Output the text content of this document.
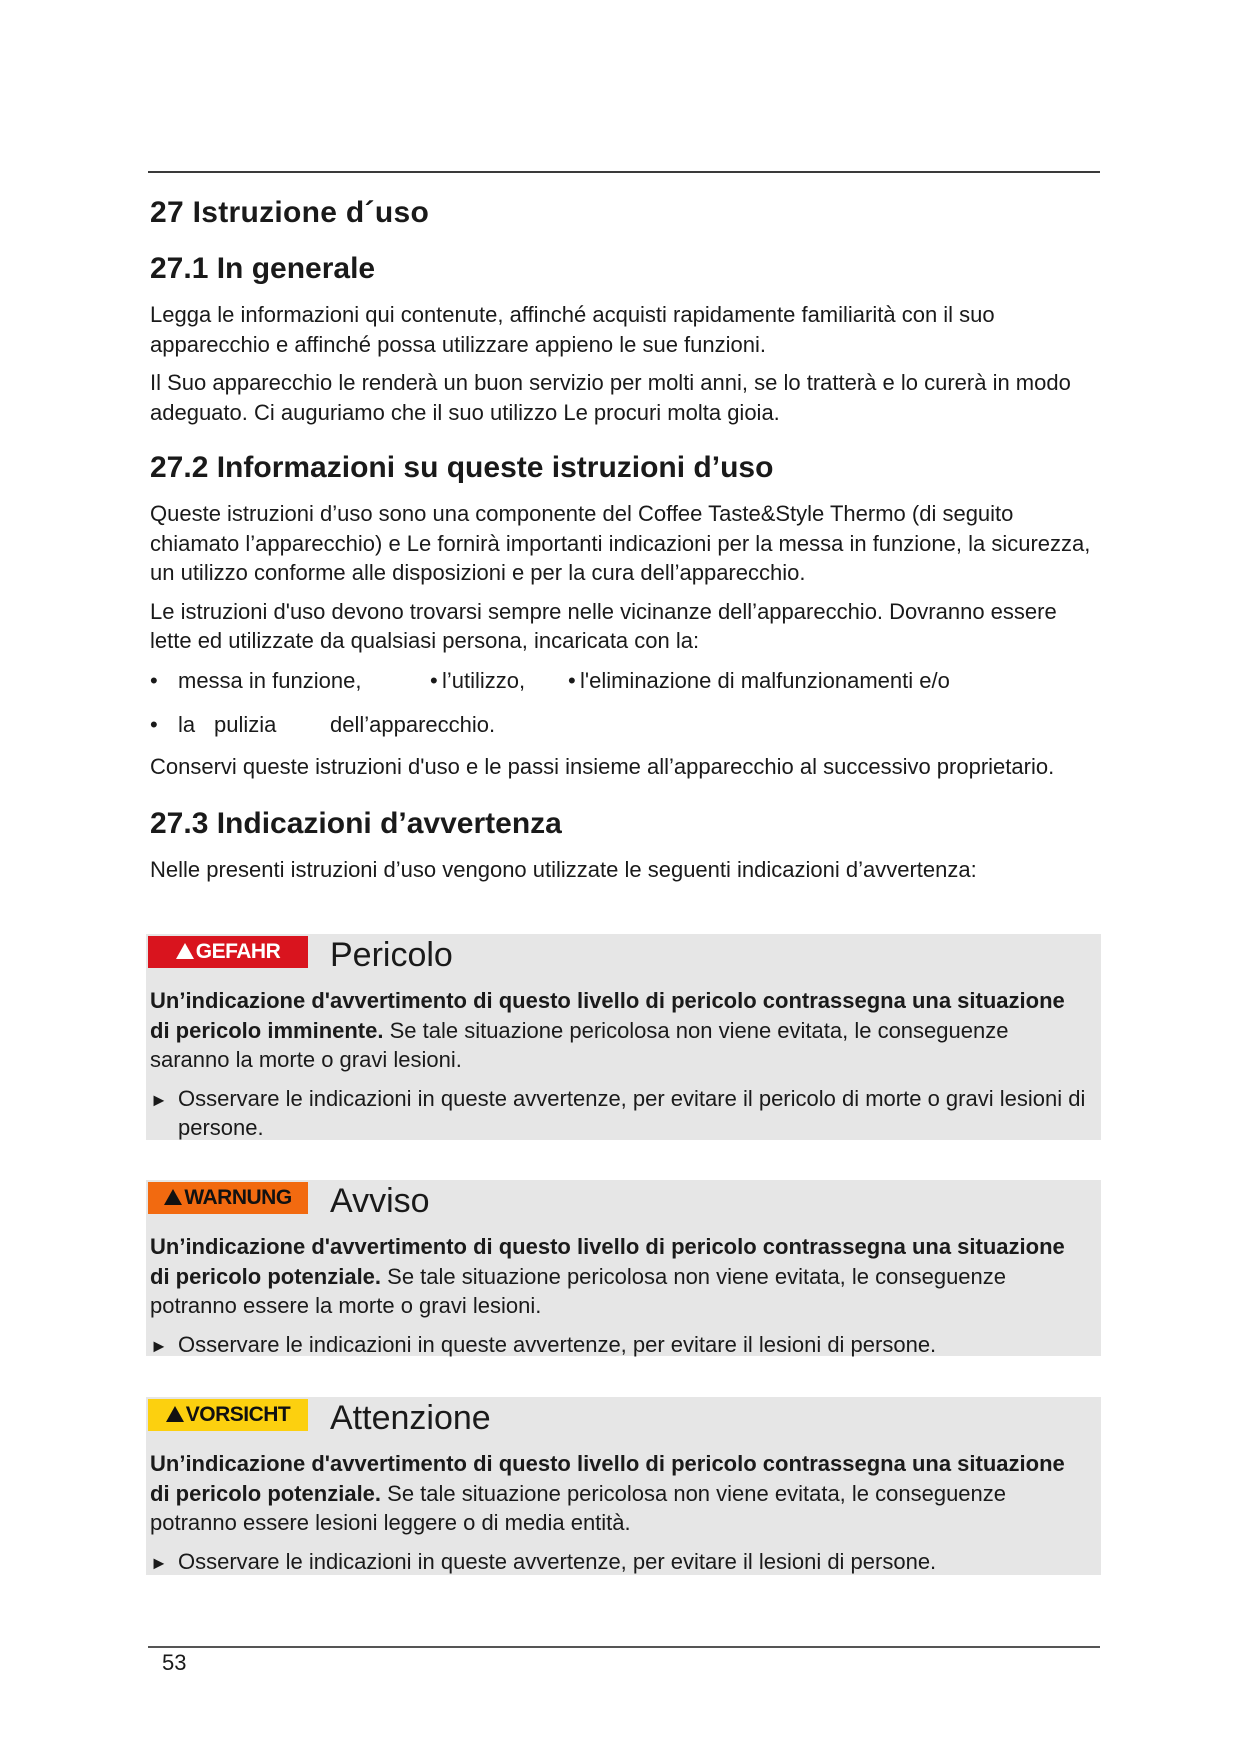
27 Istruzione d´uso
27.1 In generale

Legga le informazioni qui contenute, affinché acquisti rapidamente familiarità con il suo apparecchio e affinché possa utilizzare appieno le sue funzioni.

Il Suo apparecchio le renderà un buon servizio per molti anni, se lo tratterà e lo curerà in modo adeguato. Ci auguriamo che il suo utilizzo Le procuri molta gioia.

27.2 Informazioni su queste istruzioni d’uso

Queste istruzioni d’uso sono una componente del Coffee Taste&Style Thermo (di seguito chiamato l’apparecchio) e Le fornirà importanti indicazioni per la messa in funzione, la sicurezza, un utilizzo conforme alle disposizioni e per la cura dell’apparecchio.

Le istruzioni d'uso devono trovarsi sempre nelle vicinanze dell’apparecchio. Dovranno essere lette ed utilizzate da qualsiasi persona, incaricata con la:

• messa in funzione,	• l’utilizzo, • l'eliminazione di malfunzionamenti e/o
• la pulizia dell’apparecchio.

Conservi queste istruzioni d'uso e le passi insieme all’apparecchio al successivo proprietario.

27.3 Indicazioni d’avvertenza

Nelle presenti istruzioni d’uso vengono utilizzate le seguenti indicazioni d’avvertenza:

GEFAHR Pericolo

Un’indicazione d'avvertimento di questo livello di pericolo contrassegna una situazione di pericolo imminente. Se tale situazione pericolosa non viene evitata, le conseguenze saranno la morte o gravi lesioni.

► Osservare le indicazioni in queste avvertenze, per evitare il pericolo di morte o gravi lesioni di persone.

WARNUNG Avviso

Un’indicazione d'avvertimento di questo livello di pericolo contrassegna una situazione di pericolo potenziale. Se tale situazione pericolosa non viene evitata, le conseguenze potranno essere la morte o gravi lesioni.

► Osservare le indicazioni in queste avvertenze, per evitare il lesioni di persone.

VORSICHT Attenzione

Un’indicazione d'avvertimento di questo livello di pericolo contrassegna una situazione di pericolo potenziale. Se tale situazione pericolosa non viene evitata, le conseguenze potranno essere lesioni leggere o di media entità.

► Osservare le indicazioni in queste avvertenze, per evitare il lesioni di persone.

53
